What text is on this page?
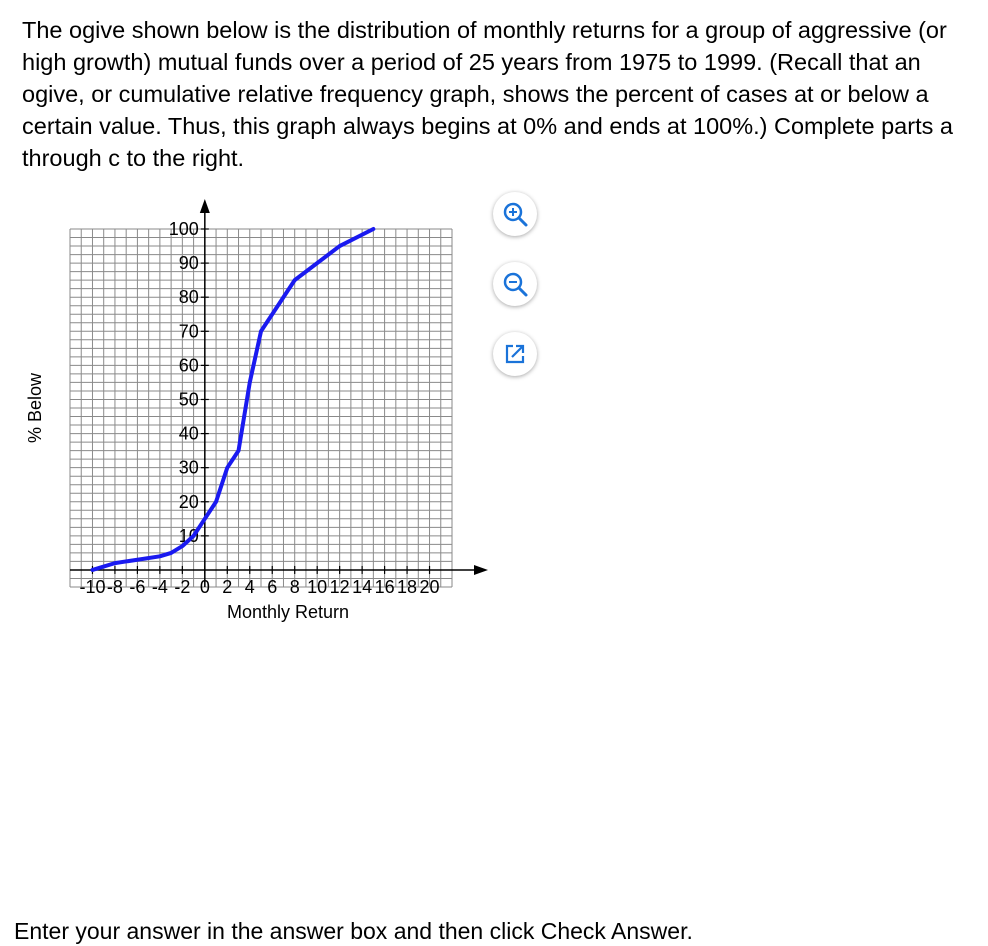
The ogive shown below is the distribution of monthly returns for a group of aggressive (or high growth) mutual funds over a period of 25 years from 1975 to 1999. (Recall that an ogive, or cumulative relative frequency graph, shows the percent of cases at or below a certain value. Thus, this graph always begins at 0% and ends at 100%.) Complete parts a through c to the right.

-10 -8 -6 -4 -2 0 2 4 6 8 10 12 14 16 18 20
10
20
30
40
50
60
70
80
90
100
Monthly Return
% Below
Enter your answer in the answer box and then click Check Answer.
